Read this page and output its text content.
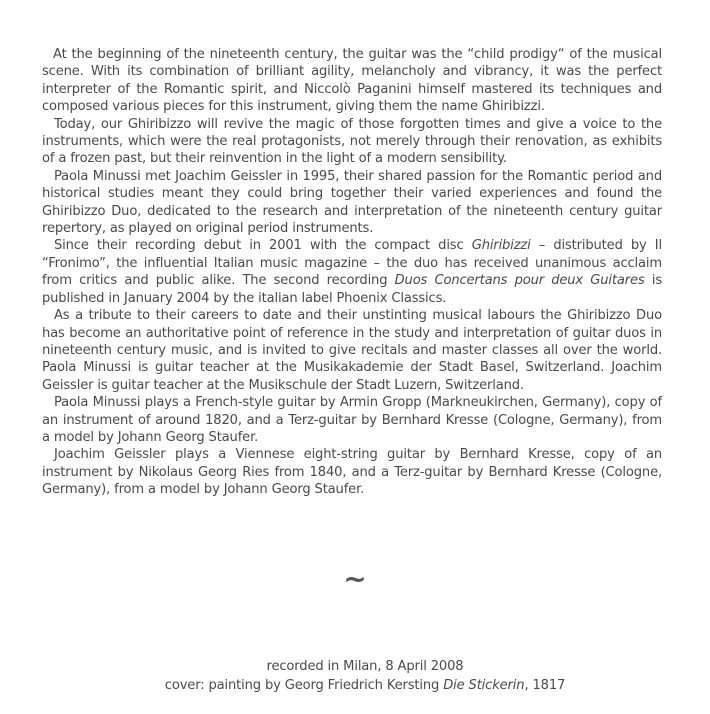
At the beginning of the nineteenth century, the guitar was the “child prodigy“ of the musical scene. With its combination of brilliant agility, melancholy and vibrancy, it was the perfect interpreter of the Romantic spirit, and Niccolò Paganini himself mastered its techniques and composed various pieces for this instrument, giving them the name Ghiribizzi.

Today, our Ghiribizzo will revive the magic of those forgotten times and give a voice to the instruments, which were the real protagonists, not merely through their renovation, as exhibits of a frozen past, but their reinvention in the light of a modern sensibility.

Paola Minussi met Joachim Geissler in 1995, their shared passion for the Romantic period and historical studies meant they could bring together their varied experiences and found the Ghiribizzo Duo, dedicated to the research and interpretation of the nineteenth century guitar repertory, as played on original period instruments.

Since their recording debut in 2001 with the compact disc Ghiribizzi – distributed by Il “Fronimo”, the influential Italian music magazine – the duo has received unanimous acclaim from critics and public alike. The second recording Duos Concertans pour deux Guitares is published in January 2004 by the italian label Phoenix Classics.

As a tribute to their careers to date and their unstinting musical labours the Ghiribizzo Duo has become an authoritative point of reference in the study and interpretation of guitar duos in nineteenth century music, and is invited to give recitals and master classes all over the world. Paola Minussi is guitar teacher at the Musikakademie der Stadt Basel, Switzerland. Joachim Geissler is guitar teacher at the Musikschule der Stadt Luzern, Switzerland.

Paola Minussi plays a French-style guitar by Armin Gropp (Markneukirchen, Germany), copy of an instrument of around 1820, and a Terz-guitar by Bernhard Kresse (Cologne, Germany), from a model by Johann Georg Staufer.

Joachim Geissler plays a Viennese eight-string guitar by Bernhard Kresse, copy of an instrument by Nikolaus Georg Ries from 1840, and a Terz-guitar by Bernhard Kresse (Cologne, Germany), from a model by Johann Georg Staufer.

~
recorded in Milan, 8 April 2008
cover: painting by Georg Friedrich Kersting Die Stickerin, 1817
